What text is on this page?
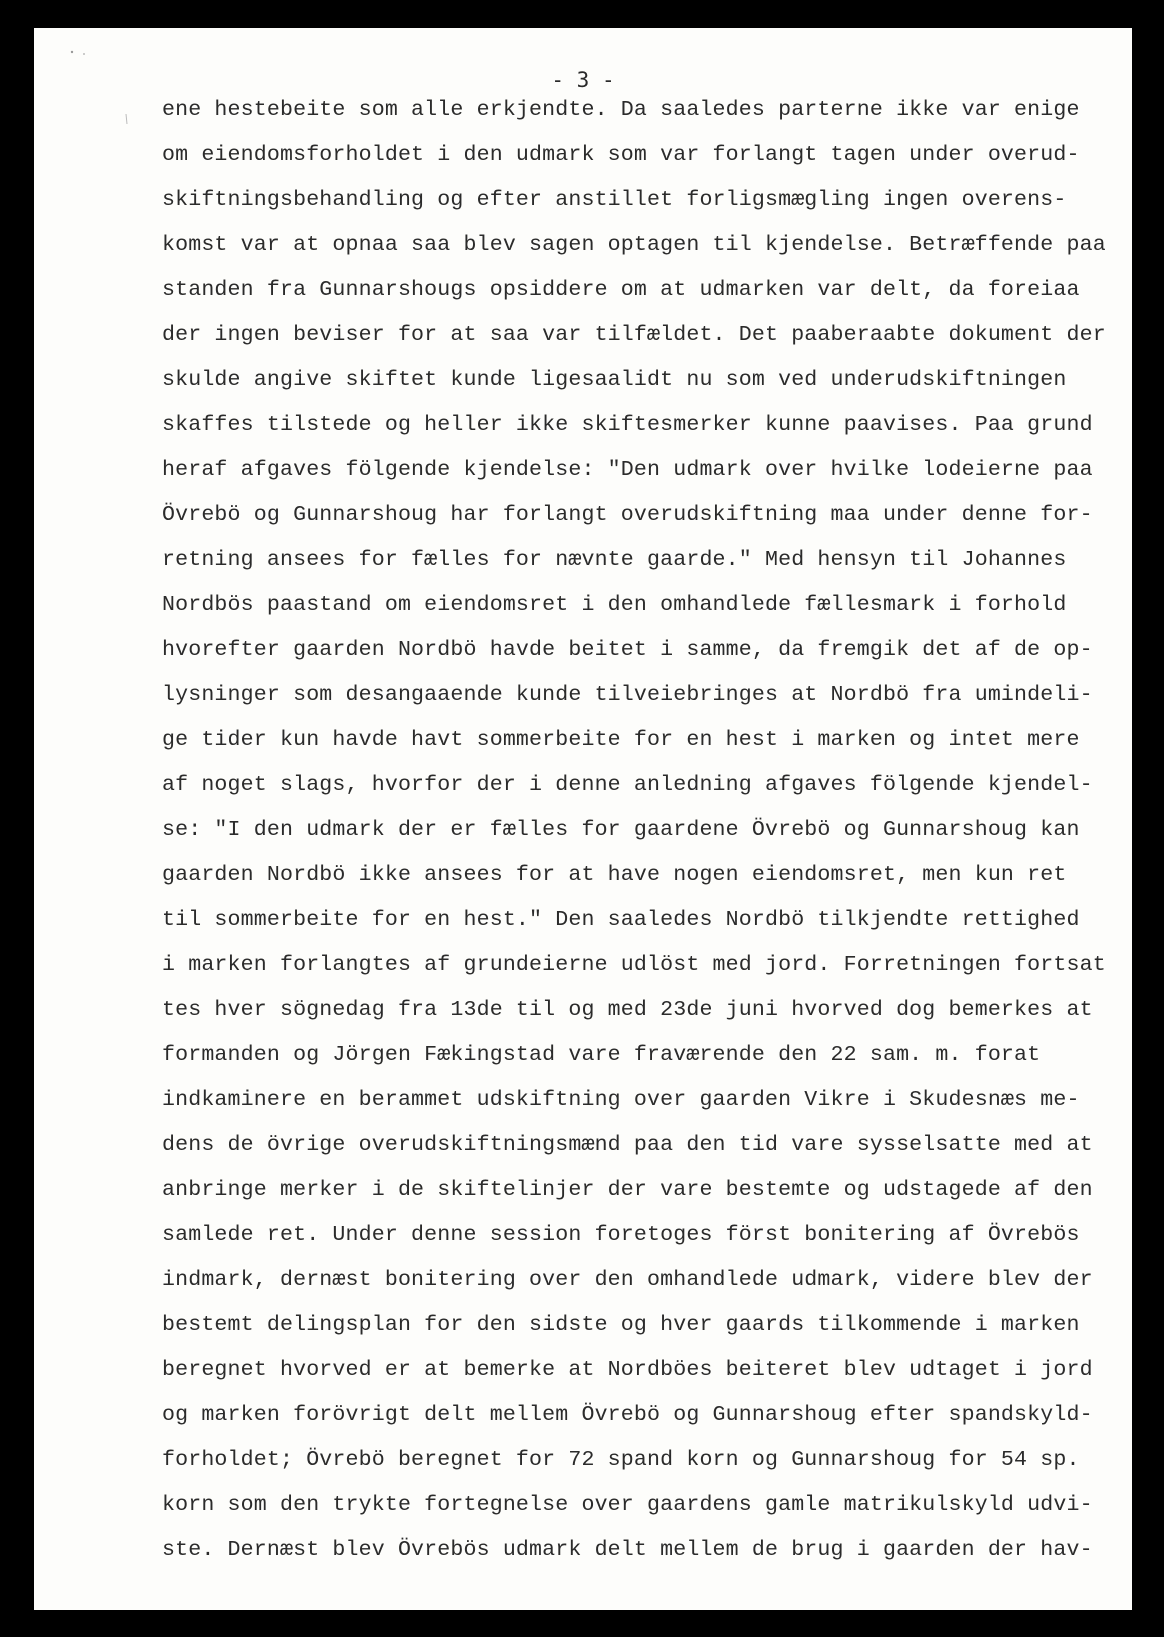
- 3 -
ene hestebeite som alle erkjendte. Da saaledes parterne ikke var enige
om eiendomsforholdet i den udmark som var forlangt tagen under overud-
skiftningsbehandling og efter anstillet forligsmægling ingen overens-
komst var at opnaa saa blev sagen optagen til kjendelse. Betræffende paa
standen fra Gunnarshougs opsiddere om at udmarken var delt, da foreiaa
der ingen beviser for at saa var tilfældet. Det paaberaabte dokument der
skulde angive skiftet kunde ligesaalidt nu som ved underudskiftningen
skaffes tilstede og heller ikke skiftesmerker kunne paavises. Paa grund
heraf afgaves fölgende kjendelse: "Den udmark over hvilke lodeierne paa
Övrebö og Gunnarshoug har forlangt overudskiftning maa under denne for-
retning ansees for fælles for nævnte gaarde." Med hensyn til Johannes
Nordbös paastand om eiendomsret i den omhandlede fællesmark i forhold
hvorefter gaarden Nordbö havde beitet i samme, da fremgik det af de op-
lysninger som desangaaende kunde tilveiebringes at Nordbö fra umindeli-
ge tider kun havde havt sommerbeite for en hest i marken og intet mere
af noget slags, hvorfor der i denne anledning afgaves fölgende kjendel-
se: "I den udmark der er fælles for gaardene Övrebö og Gunnarshoug kan
gaarden Nordbö ikke ansees for at have nogen eiendomsret, men kun ret
til sommerbeite for en hest." Den saaledes Nordbö tilkjendte rettighed
i marken forlangtes af grundeierne udlöst med jord. Forretningen fortsat
tes hver sögnedag fra 13de til og med 23de juni hvorved dog bemerkes at
formanden og Jörgen Fækingstad vare fraværende den 22 sam. m. forat
indkaminere en berammet udskiftning over gaarden Vikre i Skudesnæs me-
dens de övrige overudskiftningsmænd paa den tid vare sysselsatte med at
anbringe merker i de skiftelinjer der vare bestemte og udstagede af den
samlede ret. Under denne session foretoges först bonitering af Övrebös
indmark, dernæst bonitering over den omhandlede udmark, videre blev der
bestemt delingsplan for den sidste og hver gaards tilkommende i marken
beregnet hvorved er at bemerke at Nordböes beiteret blev udtaget i jord
og marken forövrigt delt mellem Övrebö og Gunnarshoug efter spandskyld-
forholdet; Övrebö beregnet for 72 spand korn og Gunnarshoug for 54 sp.
korn som den trykte fortegnelse over gaardens gamle matrikulskyld udvi-
ste. Dernæst blev Övrebös udmark delt mellem de brug i gaarden der hav-
